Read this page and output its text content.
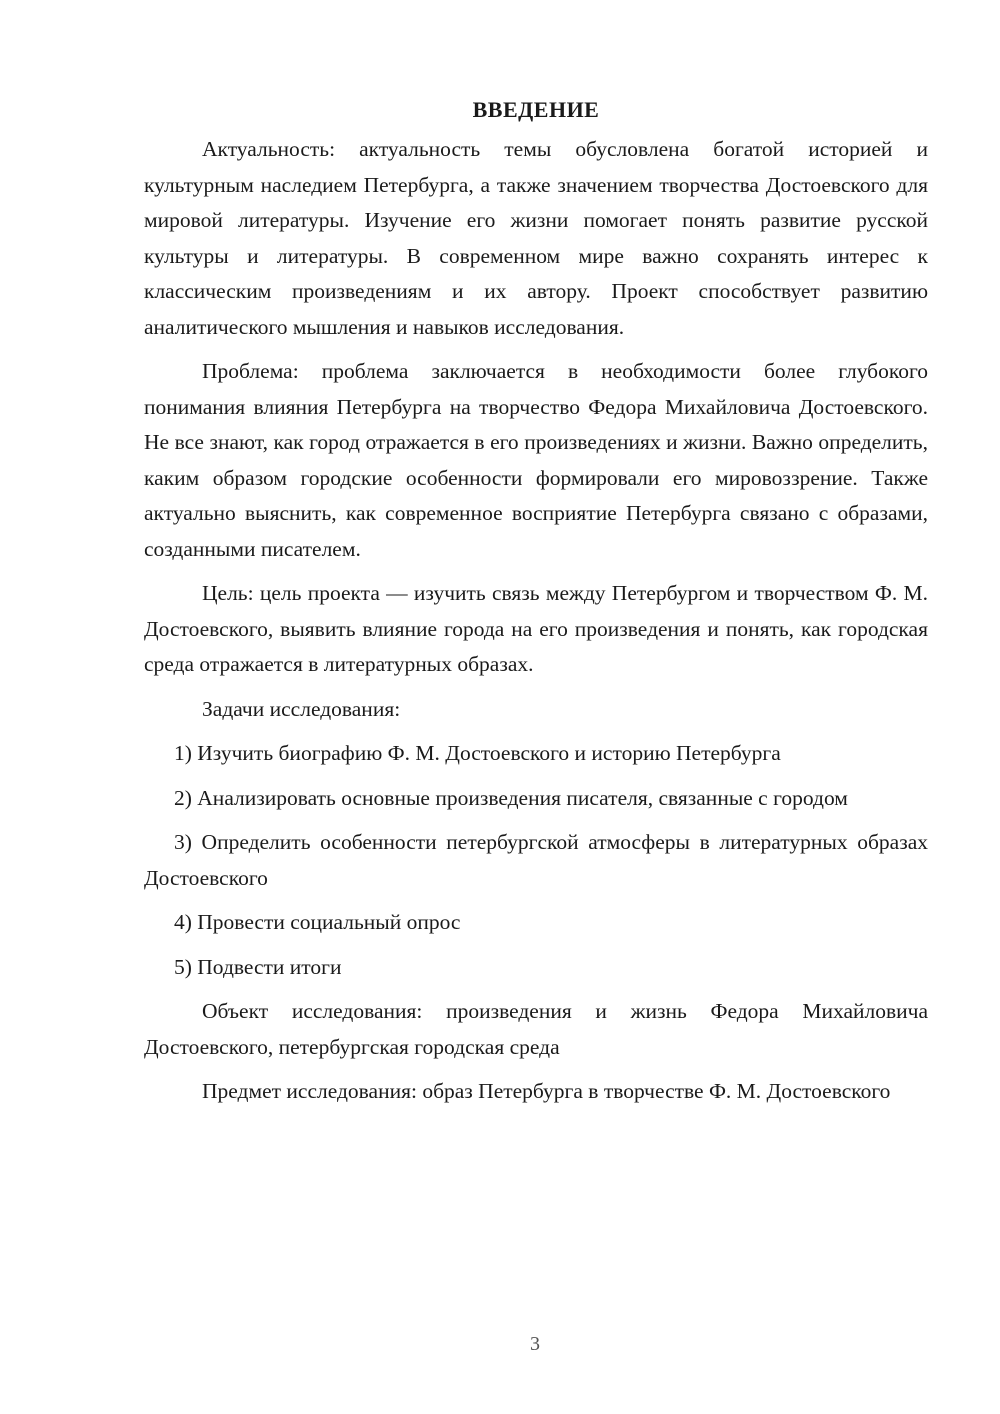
ВВЕДЕНИЕ

Актуальность: актуальность темы обусловлена богатой историей и культурным наследием Петербурга, а также значением творчества Достоевского для мировой литературы. Изучение его жизни помогает понять развитие русской культуры и литературы. В современном мире важно сохранять интерес к классическим произведениям и их автору. Проект способствует развитию аналитического мышления и навыков исследования.

Проблема: проблема заключается в необходимости более глубокого понимания влияния Петербурга на творчество Федора Михайловича Достоевского. Не все знают, как город отражается в его произведениях и жизни. Важно определить, каким образом городские особенности формировали его мировоззрение. Также актуально выяснить, как современное восприятие Петербурга связано с образами, созданными писателем.

Цель: цель проекта — изучить связь между Петербургом и творчеством Ф. М. Достоевского, выявить влияние города на его произведения и понять, как городская среда отражается в литературных образах.

Задачи исследования:

1) Изучить биографию Ф. М. Достоевского и историю Петербурга

2) Анализировать основные произведения писателя, связанные с городом

3) Определить особенности петербургской атмосферы в литературных образах Достоевского

4) Провести социальный опрос

5) Подвести итоги

Объект исследования: произведения и жизнь Федора Михайловича Достоевского, петербургская городская среда

Предмет исследования: образ Петербурга в творчестве Ф. М. Достоевского

3
